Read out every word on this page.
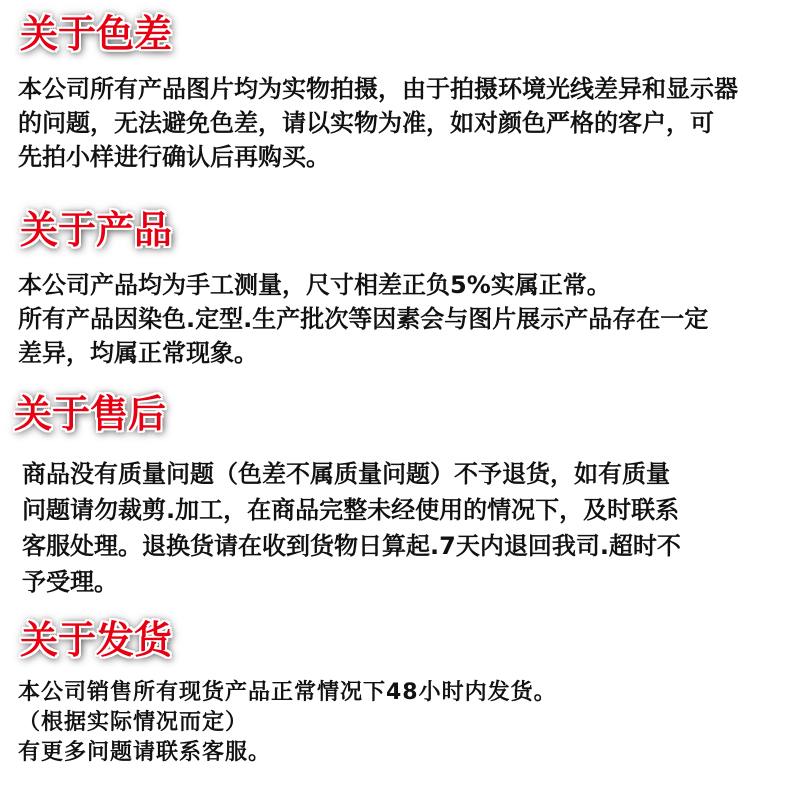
关于色差
本公司所有产品图片均为实物拍摄，由于拍摄环境光线差异和显示器
的问题，无法避免色差，请以实物为准，如对颜色严格的客户，可
先拍小样进行确认后再购买。
关于产品
本公司产品均为手工测量，尺寸相差正负5%实属正常。
所有产品因染色.定型.生产批次等因素会与图片展示产品存在一定
差异，均属正常现象。
关于售后
商品没有质量问题（色差不属质量问题）不予退货，如有质量
问题请勿裁剪.加工，在商品完整未经使用的情况下，及时联系
客服处理。退换货请在收到货物日算起.7天内退回我司.超时不
予受理。
关于发货
本公司销售所有现货产品正常情况下48小时内发货。
（根据实际情况而定）
有更多问题请联系客服。
